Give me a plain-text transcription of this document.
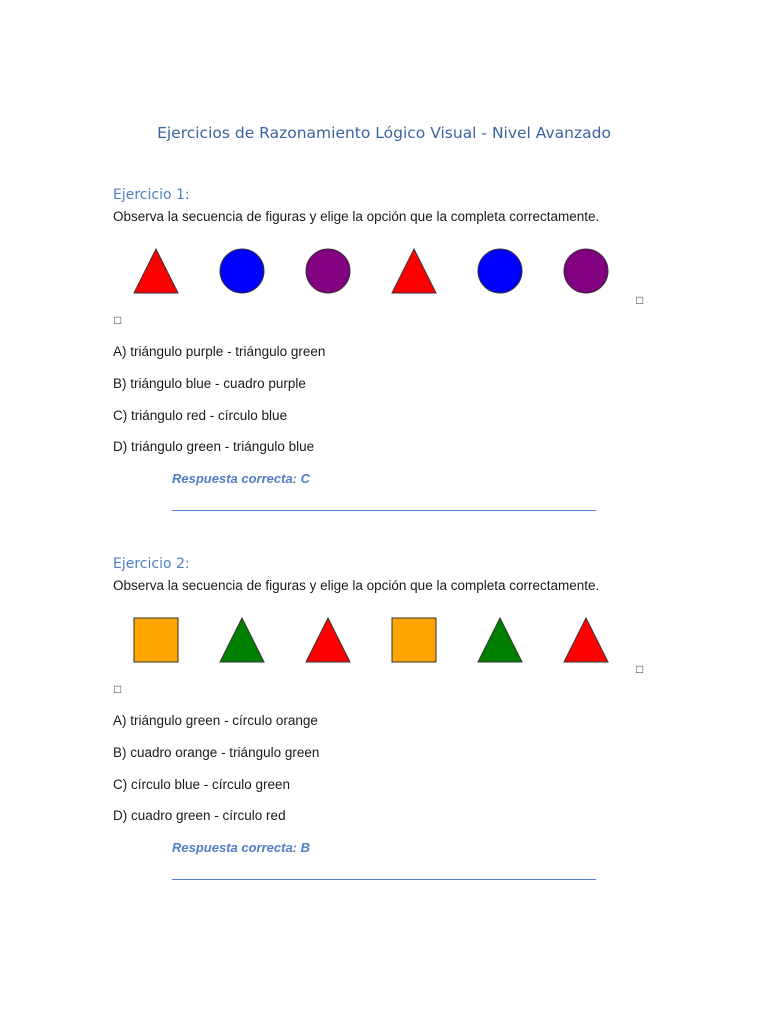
Ejercicios de Razonamiento Lógico Visual - Nivel Avanzado
Ejercicio 1:
Observa la secuencia de figuras y elige la opción que la completa correctamente.
□
□
A) triángulo purple - triángulo green
B) triángulo blue - cuadro purple
C) triángulo red - círculo blue
D) triángulo green - triángulo blue
Respuesta correcta: C
Ejercicio 2:
Observa la secuencia de figuras y elige la opción que la completa correctamente.
□
□
A) triángulo green - círculo orange
B) cuadro orange - triángulo green
C) círculo blue - círculo green
D) cuadro green - círculo red
Respuesta correcta: B
